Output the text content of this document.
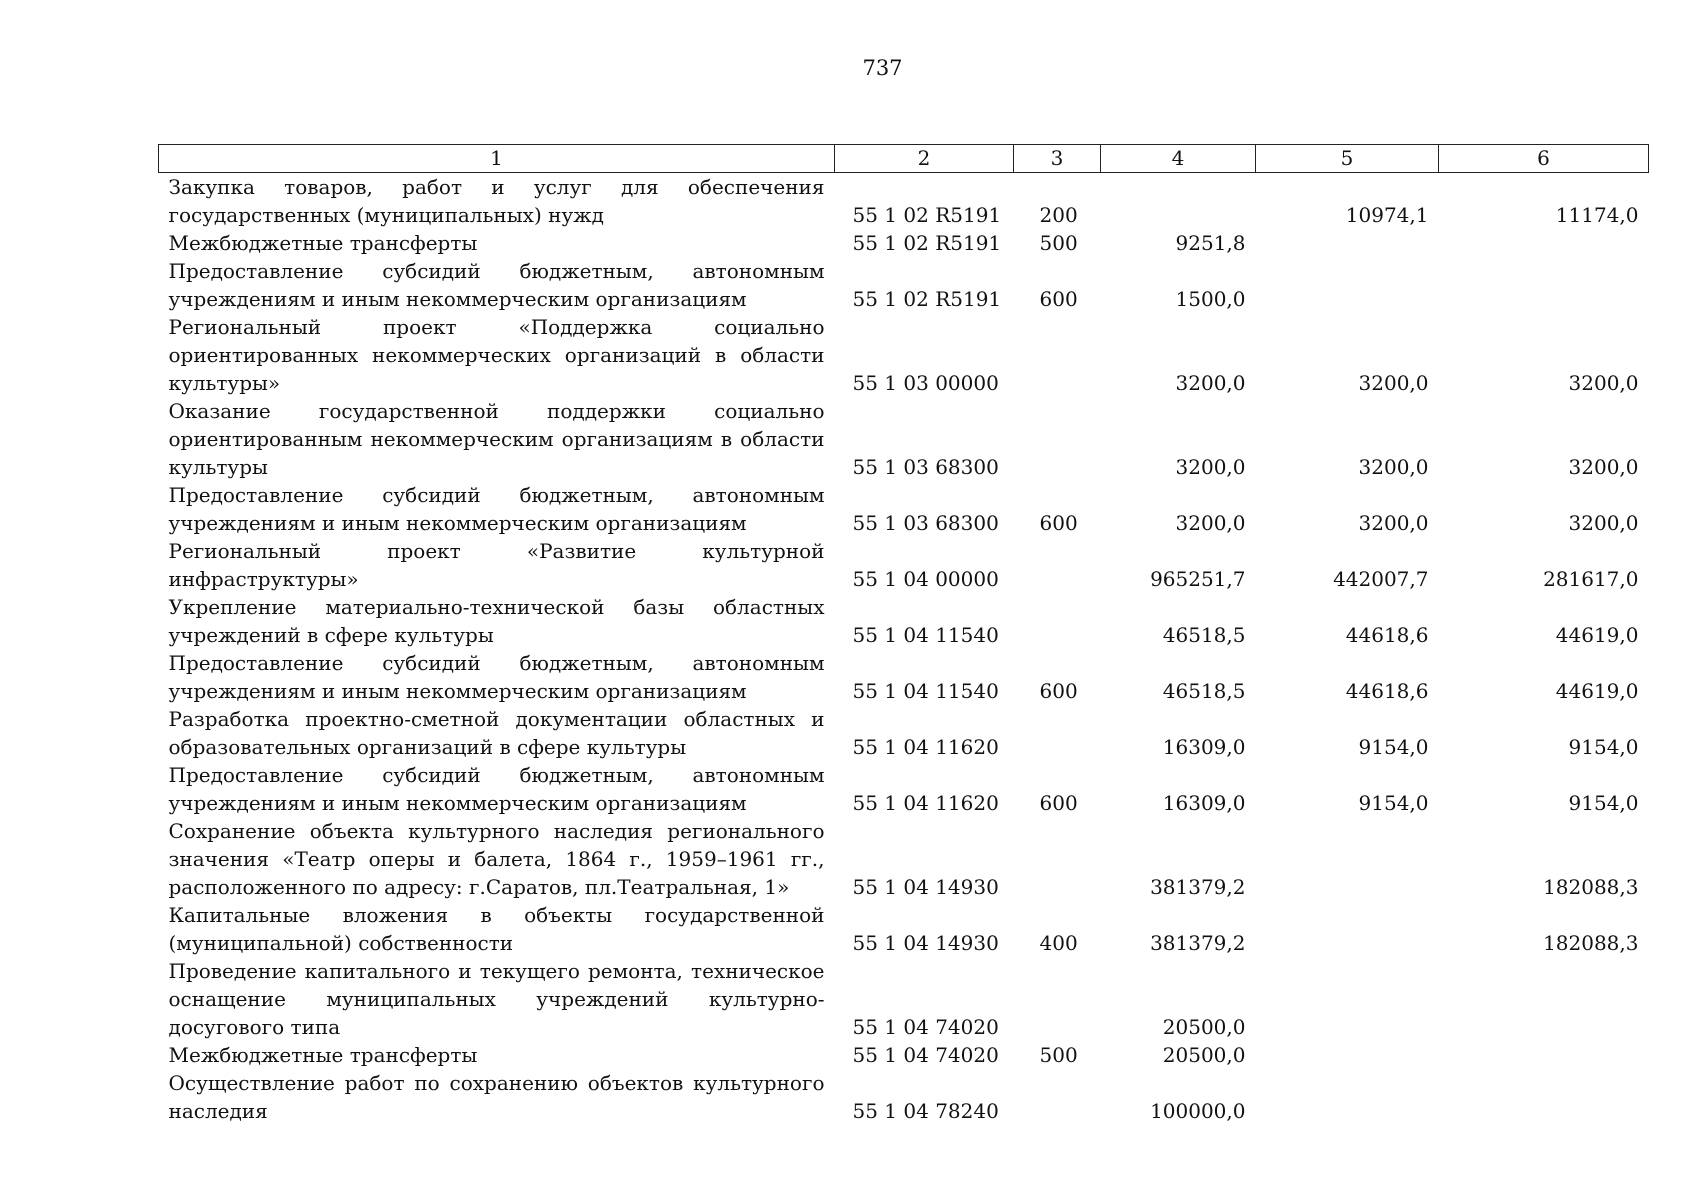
737
1	2	3	4	5	6
Закупка товаров, работ и услуг для обеспечения государственных (муниципальных) нужд	55 1 02 R5191	200		10974,1	11174,0
Межбюджетные трансферты	55 1 02 R5191	500	9251,8		
Предоставление субсидий бюджетным, автономным учреждениям и иным некоммерческим организациям	55 1 02 R5191	600	1500,0		
Региональный проект «Поддержка социально ориентированных некоммерческих организаций в области культуры»	55 1 03 00000		3200,0	3200,0	3200,0
Оказание государственной поддержки социально ориентированным некоммерческим организациям в области культуры	55 1 03 68300		3200,0	3200,0	3200,0
Предоставление субсидий бюджетным, автономным учреждениям и иным некоммерческим организациям	55 1 03 68300	600	3200,0	3200,0	3200,0
Региональный проект «Развитие культурной инфраструктуры»	55 1 04 00000		965251,7	442007,7	281617,0
Укрепление материально-технической базы областных учреждений в сфере культуры	55 1 04 11540		46518,5	44618,6	44619,0
Предоставление субсидий бюджетным, автономным учреждениям и иным некоммерческим организациям	55 1 04 11540	600	46518,5	44618,6	44619,0
Разработка проектно-сметной документации областных и образовательных организаций в сфере культуры	55 1 04 11620		16309,0	9154,0	9154,0
Предоставление субсидий бюджетным, автономным учреждениям и иным некоммерческим организациям	55 1 04 11620	600	16309,0	9154,0	9154,0
Сохранение объекта культурного наследия регионального значения «Театр оперы и балета, 1864 г., 1959–1961 гг., расположенного по адресу: г.Саратов, пл.Театральная, 1»	55 1 04 14930		381379,2		182088,3
Капитальные вложения в объекты государственной (муниципальной) собственности	55 1 04 14930	400	381379,2		182088,3
Проведение капитального и текущего ремонта, техническое оснащение муниципальных учреждений культурно-досугового типа	55 1 04 74020		20500,0		
Межбюджетные трансферты	55 1 04 74020	500	20500,0		
Осуществление работ по сохранению объектов культурного наследия	55 1 04 78240		100000,0		
